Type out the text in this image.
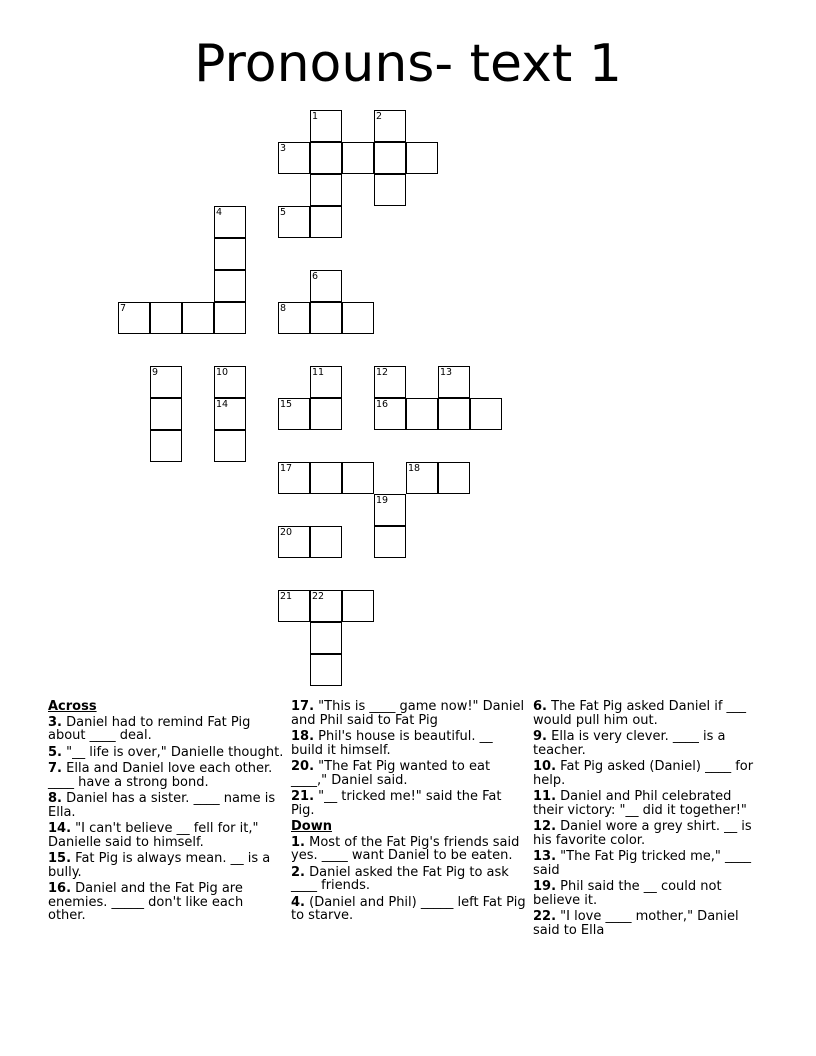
Pronouns- text 1
1	2
3
4	5
6
7	8
9	10	11	12	13
14	15	16
17	18
19
20
21 22
Across
3. Daniel had to remind Fat Pig about ____ deal.
5. "__ life is over," Danielle thought.
7. Ella and Daniel love each other. ____ have a strong bond.
8. Daniel has a sister. ____ name is Ella.
14. "I can't believe __ fell for it," Danielle said to himself.
15. Fat Pig is always mean. __ is a bully.
16. Daniel and the Fat Pig are enemies. _____ don't like each other.
17. "This is ____ game now!" Daniel and Phil said to Fat Pig
18. Phil's house is beautiful. __ build it himself.
20. "The Fat Pig wanted to eat ____," Daniel said.
21. "__ tricked me!" said the Fat Pig.
Down
1. Most of the Fat Pig's friends said yes. ____ want Daniel to be eaten.
2. Daniel asked the Fat Pig to ask ____ friends.
4. (Daniel and Phil) _____ left Fat Pig to starve.
6. The Fat Pig asked Daniel if ___ would pull him out.
9. Ella is very clever. ____ is a teacher.
10. Fat Pig asked (Daniel) ____ for help.
11. Daniel and Phil celebrated their victory: "__ did it together!"
12. Daniel wore a grey shirt. __ is his favorite color.
13. "The Fat Pig tricked me," ____ said
19. Phil said the __ could not believe it.
22. "I love ____ mother," Daniel said to Ella
